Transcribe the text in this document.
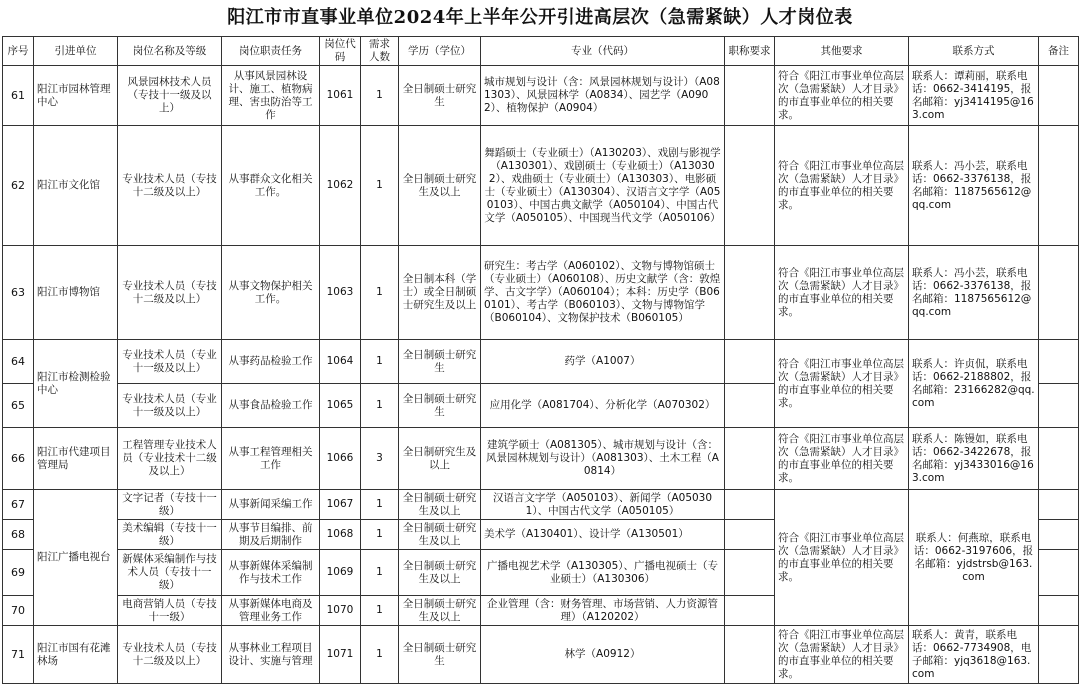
阳江市市直事业单位2024年上半年公开引进高层次（急需紧缺）人才岗位表
序号	引进单位	岗位名称及等级	岗位职责任务	岗位代码	需求人数	学历（学位）	专业（代码）	职称要求	其他要求	联系方式	备注
61	阳江市园林管理中心	风景园林技术人员（专技十一级及以上）	从事风景园林设计、施工、植物病理、害虫防治等工作	1061	1	全日制硕士研究生	城市规划与设计（含：风景园林规划与设计）（A081303）、风景园林学（A0834）、园艺学（A0902）、植物保护（A0904）		符合《阳江市事业单位高层次（急需紧缺）人才目录》的市直事业单位的相关要求。	联系人：谭莉丽，联系电话：0662-3414195，报名邮箱：yj3414195@163.com	
62	阳江市文化馆	专业技术人员（专技十二级及以上）	从事群众文化相关工作。	1062	1	全日制硕士研究生及以上	舞蹈硕士（专业硕士）（A130203）、戏剧与影视学（A130301）、戏剧硕士（专业硕士）（A130302）、戏曲硕士（专业硕士）（A130303）、电影硕士（专业硕士）（A130304）、汉语言文字学（A050103）、中国古典文献学（A050104）、中国古代文学（A050105）、中国现当代文学（A050106）		符合《阳江市事业单位高层次（急需紧缺）人才目录》的市直事业单位的相关要求。	联系人：冯小芸，联系电话：0662-3376138，报名邮箱：1187565612@qq.com	
63	阳江市博物馆	专业技术人员（专技十二级及以上）	从事文物保护相关工作。	1063	1	全日制本科（学士）或全日制硕士研究生及以上	研究生：考古学（A060102）、文物与博物馆硕士（专业硕士）（A060108）、历史文献学（含：敦煌学、古文字学）（A060104）；本科：历史学（B060101）、考古学（B060103）、文物与博物馆学（B060104）、文物保护技术（B060105）		符合《阳江市事业单位高层次（急需紧缺）人才目录》的市直事业单位的相关要求。	联系人：冯小芸，联系电话：0662-3376138，报名邮箱：1187565612@qq.com	
64	阳江市检测检验中心	专业技术人员（专业十一级及以上）	从事药品检验工作	1064	1	全日制硕士研究生	药学（A1007）		符合《阳江市事业单位高层次（急需紧缺）人才目录》的市直事业单位的相关要求。	联系人：许贞侃，联系电话：0662-2188802，报名邮箱：23166282@qq.com	
65		专业技术人员（专业十一级及以上）	从事食品检验工作	1065	1	全日制硕士研究生	应用化学（A081704）、分析化学（A070302）				
66	阳江市代建项目管理局	工程管理专业技术人员（专业技术十二级及以上）	从事工程管理相关工作	1066	3	全日制研究生及以上	建筑学硕士（A081305）、城市规划与设计（含：风景园林规划与设计）（A081303）、土木工程（A0814）		符合《阳江市事业单位高层次（急需紧缺）人才目录》的市直事业单位的相关要求。	联系人：陈镘如，联系电话：0662-3422678，报名邮箱：yj3433016@163.com	
67	阳江广播电视台	文字记者（专技十一级）	从事新闻采编工作	1067	1	全日制硕士研究生及以上	汉语言文字学（A050103）、新闻学（A050301）、中国古代文学（A050105）		符合《阳江市事业单位高层次（急需紧缺）人才目录》的市直事业单位的相关要求。	联系人：何燕琼，联系电话：0662-3197606，报名邮箱：yjdstrsb@163.com	
68		美术编辑（专技十一级）	从事节目编排、前期及后期制作	1068	1	全日制硕士研究生及以上	美术学（A130401）、设计学（A130501）				
69		新媒体采编制作与技术人员（专技十一级）	从事新媒体采编制作与技术工作	1069	1	全日制硕士研究生及以上	广播电视艺术学（A130305）、广播电视硕士（专业硕士）（A130306）				
70		电商营销人员（专技十一级）	从事新媒体电商及管理业务工作	1070	1	全日制硕士研究生及以上	企业管理（含：财务管理、市场营销、人力资源管理）（A120202）				
71	阳江市国有花滩林场	专业技术人员（专技十二级及以上）	从事林业工程项目设计、实施与管理	1071	1	全日制硕士研究生	林学（A0912）		符合《阳江市事业单位高层次（急需紧缺）人才目录》的市直事业单位的相关要求。	联系人：黄青，联系电话：0662-7734908，电子邮箱：yjq3618@163.com	
